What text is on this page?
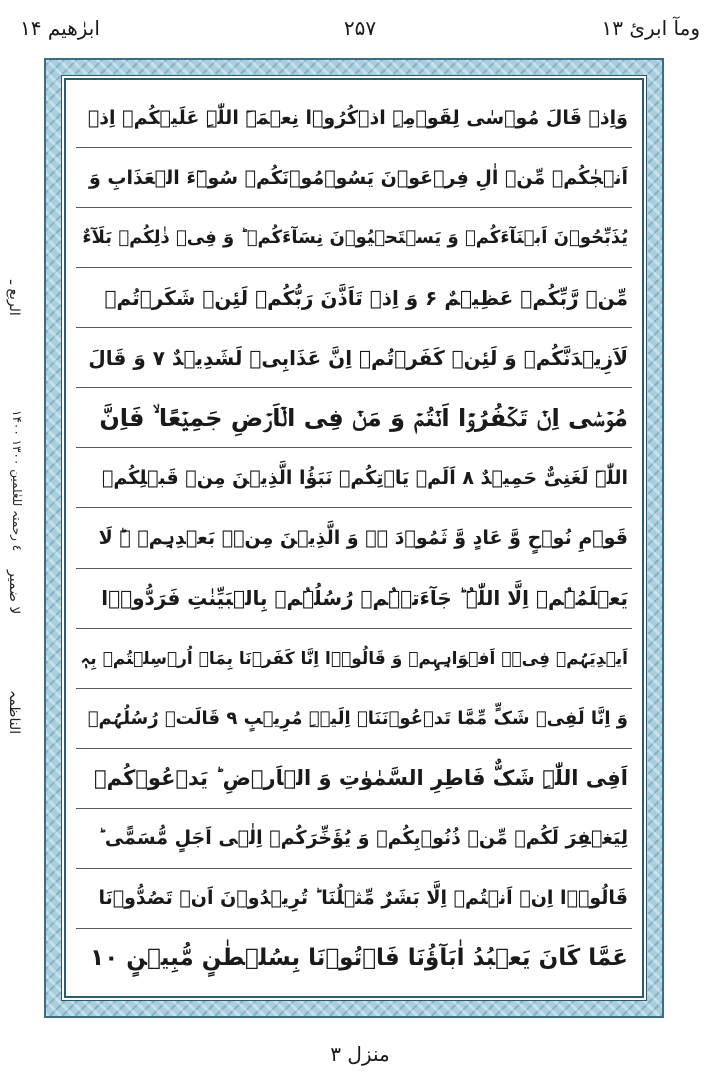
ومآ ابرئ ۱۳
۲۵۷
ابرٰھیم ۱۴
الربع ـ
٤ رحمتہ للعٰلمین ۱۳۰۰ ۱۴۰۰
لا ضمیر
الناظمہ
وَاِذۡ قَالَ مُوۡسٰی لِقَوۡمِہِ اذۡکُرُوۡا نِعۡمَۃَ اللّٰہِ عَلَیۡکُمۡ اِذۡ
اَنۡجٰکُمۡ مِّنۡ اٰلِ فِرۡعَوۡنَ یَسُوۡمُوۡنَکُمۡ سُوۡٓءَ الۡعَذَابِ وَ
یُذَبِّحُوۡنَ اَبۡنَآءَکُمۡ وَ یَسۡتَحۡیُوۡنَ نِسَآءَکُمۡ ؕ وَ فِیۡ ذٰلِکُمۡ بَلَآءٌ
مِّنۡ رَّبِّکُمۡ عَظِیۡمٌ ۶ وَ اِذۡ تَاَذَّنَ رَبُّکُمۡ لَئِنۡ شَکَرۡتُمۡ
لَاَزِیۡدَنَّکُمۡ وَ لَئِنۡ کَفَرۡتُمۡ اِنَّ عَذَابِیۡ لَشَدِیۡدٌ ۷ وَ قَالَ
مُوۡسٰۤی اِنۡ تَکۡفُرُوۡۤا اَنۡتُمۡ وَ مَنۡ فِی الۡاَرۡضِ جَمِیۡعًا ۙ فَاِنَّ
اللّٰہَ لَغَنِیٌّ حَمِیۡدٌ ۸ اَلَمۡ یَاۡتِکُمۡ نَبَؤُا الَّذِیۡنَ مِنۡ قَبۡلِکُمۡ
قَوۡمِ نُوۡحٍ وَّ عَادٍ وَّ ثَمُوۡدَ ۬ۛ وَ الَّذِیۡنَ مِنۡۢ بَعۡدِہِمۡ ۛؕ لَا
یَعۡلَمُہُمۡ اِلَّا اللّٰہُ ؕ جَآءَتۡہُمۡ رُسُلُہُمۡ بِالۡبَیِّنٰتِ فَرَدُّوۡۤا
اَیۡدِیَہُمۡ فِیۡۤ اَفۡوَاہِہِمۡ وَ قَالُوۡۤا اِنَّا کَفَرۡنَا بِمَاۤ اُرۡسِلۡتُمۡ بِہٖ
وَ اِنَّا لَفِیۡ شَکٍّ مِّمَّا تَدۡعُوۡنَنَاۤ اِلَیۡہِ مُرِیۡبٍ ۹ قَالَتۡ رُسُلُہُمۡ
اَفِی اللّٰہِ شَکٌّ فَاطِرِ السَّمٰوٰتِ وَ الۡاَرۡضِ ؕ یَدۡعُوۡکُمۡ
لِیَغۡفِرَ لَکُمۡ مِّنۡ ذُنُوۡبِکُمۡ وَ یُؤَخِّرَکُمۡ اِلٰۤی اَجَلٍ مُّسَمًّی ؕ
قَالُوۡۤا اِنۡ اَنۡتُمۡ اِلَّا بَشَرٌ مِّثۡلُنَا ؕ تُرِیۡدُوۡنَ اَنۡ تَصُدُّوۡنَا
عَمَّا کَانَ یَعۡبُدُ اٰبَآؤُنَا فَاۡتُوۡنَا بِسُلۡطٰنٍ مُّبِیۡنٍ ۱۰
منزل ۳
